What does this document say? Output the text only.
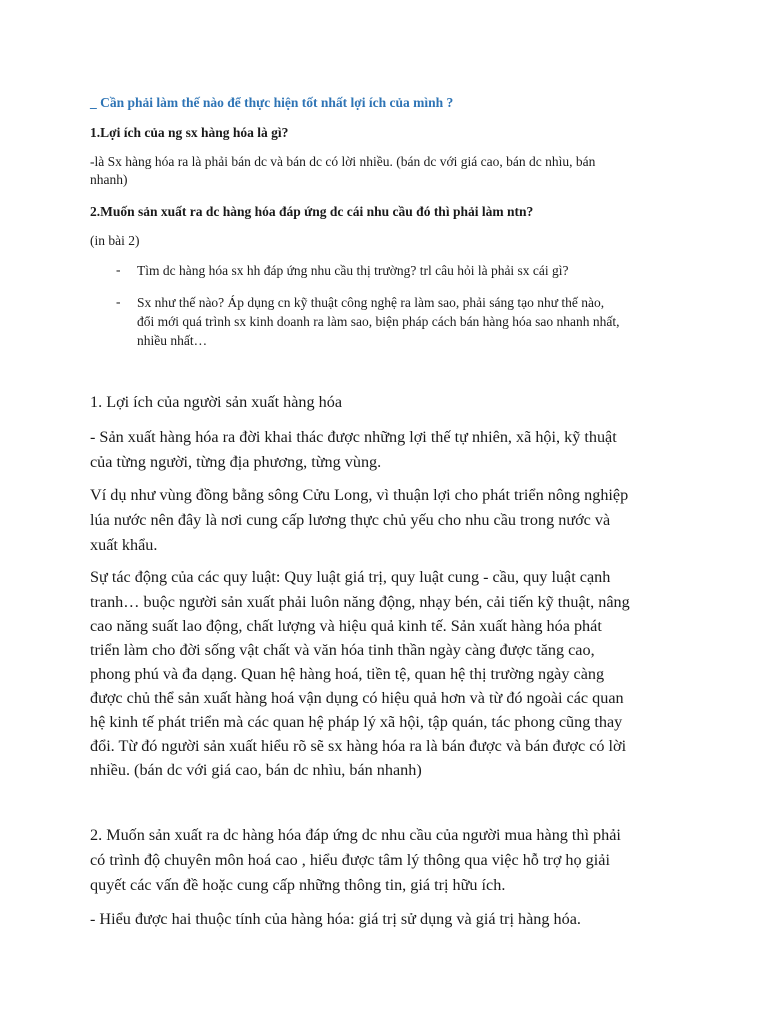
_ Cần phải làm thế nào để thực hiện tốt nhất lợi ích của mình ?
1.Lợi ích của ng sx hàng hóa là gì?
-là Sx hàng hóa ra là phải bán dc và bán dc có lời nhiều. (bán dc với giá cao, bán dc nhìu, bán
nhanh)
2.Muốn sản xuất ra dc hàng hóa đáp ứng dc cái nhu cầu đó thì phải làm ntn?
(in bài 2)
- Tìm dc hàng hóa sx hh đáp ứng nhu cầu thị trường? trl câu hỏi là phải sx cái gì?
- Sx như thế nào? Áp dụng cn kỹ thuật công nghệ ra làm sao, phải sáng tạo như thế nào,
đổi mới quá trình sx kinh doanh ra làm sao, biện pháp cách bán hàng hóa sao nhanh nhất,
nhiều nhất…
1. Lợi ích của người sản xuất hàng hóa
- Sản xuất hàng hóa ra đời khai thác được những lợi thế tự nhiên, xã hội, kỹ thuật
của từng người, từng địa phương, từng vùng.
Ví dụ như vùng đồng bằng sông Cửu Long, vì thuận lợi cho phát triển nông nghiệp
lúa nước nên đây là nơi cung cấp lương thực chủ yếu cho nhu cầu trong nước và
xuất khẩu.
Sự tác động của các quy luật: Quy luật giá trị, quy luật cung - cầu, quy luật cạnh
tranh… buộc người sản xuất phải luôn năng động, nhạy bén, cải tiến kỹ thuật, nâng
cao năng suất lao động, chất lượng và hiệu quả kinh tế. Sản xuất hàng hóa phát
triển làm cho đời sống vật chất và văn hóa tinh thần ngày càng được tăng cao,
phong phú và đa dạng. Quan hệ hàng hoá, tiền tệ, quan hệ thị trường ngày càng
được chủ thể sản xuất hàng hoá vận dụng có hiệu quả hơn và từ đó ngoài các quan
hệ kinh tế phát triển mà các quan hệ pháp lý xã hội, tập quán, tác phong cũng thay
đổi. Từ đó người sản xuất hiểu rõ sẽ sx hàng hóa ra là bán được và bán được có lời
nhiều. (bán dc với giá cao, bán dc nhìu, bán nhanh)
2. Muốn sản xuất ra dc hàng hóa đáp ứng dc nhu cầu của người mua hàng thì phải
có trình độ chuyên môn hoá cao , hiểu được tâm lý thông qua việc hỗ trợ họ giải
quyết các vấn đề hoặc cung cấp những thông tin, giá trị hữu ích.
- Hiểu được hai thuộc tính của hàng hóa: giá trị sử dụng và giá trị hàng hóa.
